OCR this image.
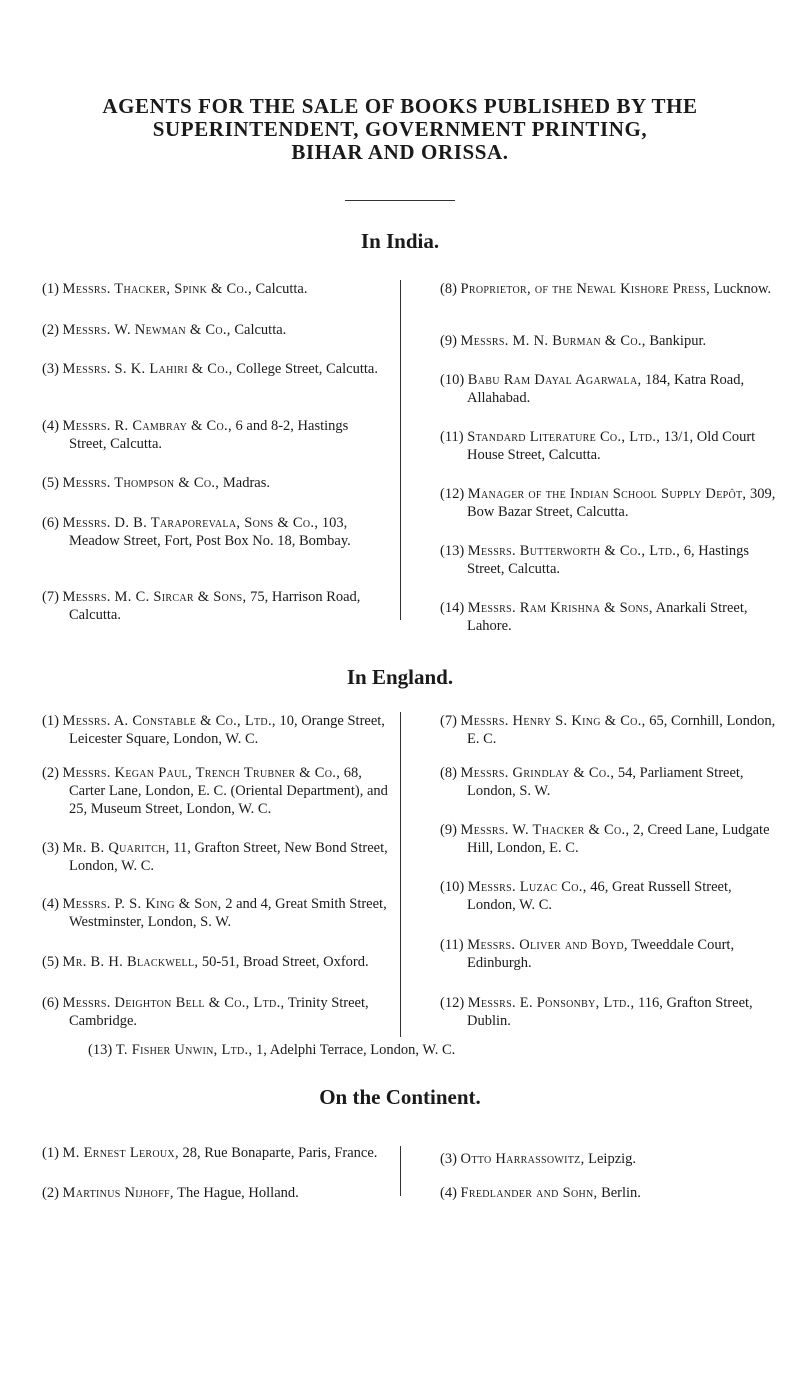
AGENTS FOR THE SALE OF BOOKS PUBLISHED BY THE
SUPERINTENDENT, GOVERNMENT PRINTING,
BIHAR AND ORISSA.
In India.
(1) Messrs. Thacker, Spink & Co., Calcutta.
(2) Messrs. W. Newman & Co., Calcutta.
(3) Messrs. S. K. Lahiri & Co., College Street, Calcutta.
(4) Messrs. R. Cambray & Co., 6 and 8-2, Hastings Street, Calcutta.
(5) Messrs. Thompson & Co., Madras.
(6) Messrs. D. B. Taraporevala, Sons & Co., 103, Meadow Street, Fort, Post Box No. 18, Bombay.
(7) Messrs. M. C. Sircar & Sons, 75, Harrison Road, Calcutta.
(8) Proprietor, of the Newal Kishore Press, Lucknow.
(9) Messrs. M. N. Burman & Co., Bankipur.
(10) Babu Ram Dayal Agarwala, 184, Katra Road, Allahabad.
(11) Standard Literature Co., Ltd., 13/1, Old Court House Street, Calcutta.
(12) Manager of the Indian School Supply Depôt, 309, Bow Bazar Street, Calcutta.
(13) Messrs. Butterworth & Co., Ltd., 6, Hastings Street, Calcutta.
(14) Messrs. Ram Krishna & Sons, Anarkali Street, Lahore.
In England.
(1) Messrs. A. Constable & Co., Ltd., 10, Orange Street, Leicester Square, London, W. C.
(2) Messrs. Kegan Paul, Trench Trubner & Co., 68, Carter Lane, London, E. C. (Oriental Department), and 25, Museum Street, London, W. C.
(3) Mr. B. Quaritch, 11, Grafton Street, New Bond Street, London, W. C.
(4) Messrs. P. S. King & Son, 2 and 4, Great Smith Street, Westminster, London, S. W.
(5) Mr. B. H. Blackwell, 50-51, Broad Street, Oxford.
(6) Messrs. Deighton Bell & Co., Ltd., Trinity Street, Cambridge.
(7) Messrs. Henry S. King & Co., 65, Cornhill, London, E. C.
(8) Messrs. Grindlay & Co., 54, Parliament Street, London, S. W.
(9) Messrs. W. Thacker & Co., 2, Creed Lane, Ludgate Hill, London, E. C.
(10) Messrs. Luzac Co., 46, Great Russell Street, London, W. C.
(11) Messrs. Oliver and Boyd, Tweeddale Court, Edinburgh.
(12) Messrs. E. Ponsonby, Ltd., 116, Grafton Street, Dublin.
(13) T. Fisher Unwin, Ltd., 1, Adelphi Terrace, London, W. C.
On the Continent.
(1) M. Ernest Leroux, 28, Rue Bonaparte, Paris, France.
(2) Martinus Nijhoff, The Hague, Holland.
(3) Otto Harrassowitz, Leipzig.
(4) Fredlander and Sohn, Berlin.
